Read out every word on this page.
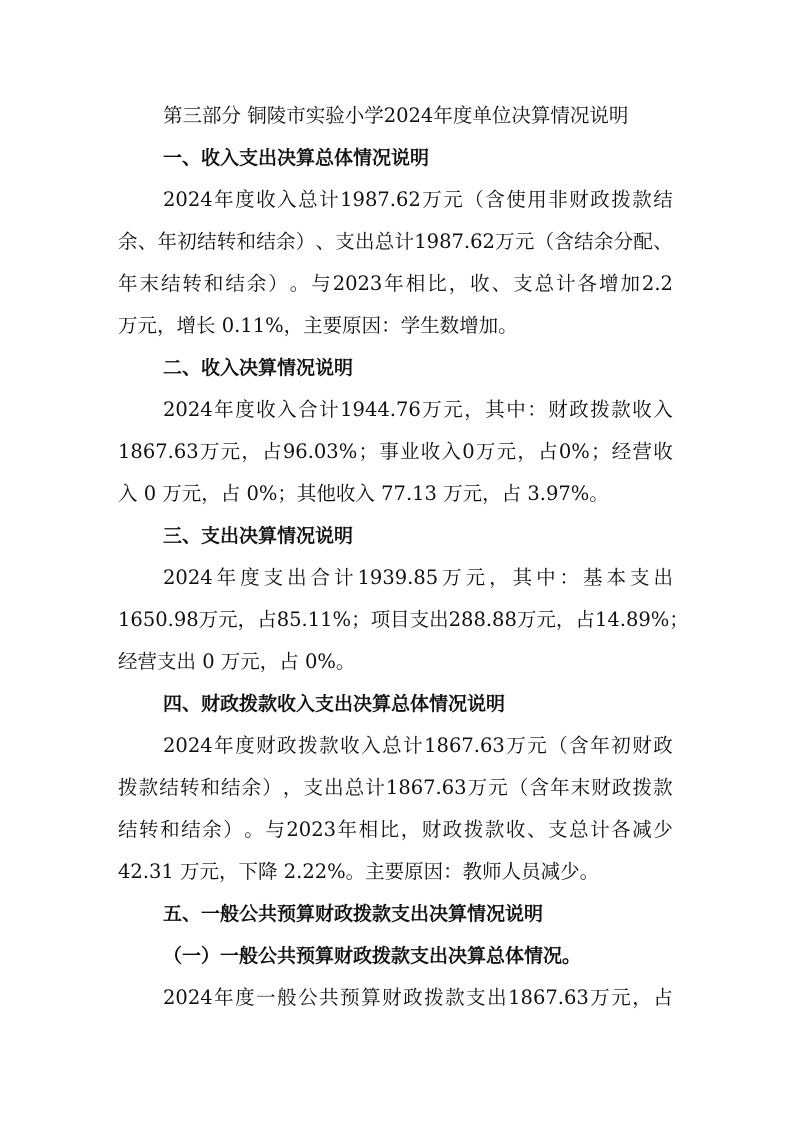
第三部分 铜陵市实验小学2024年度单位决算情况说明
一、收入支出决算总体情况说明
2024 年 度 收 入 总 计 1987.62 万 元 （ 含 使 用 非 财 政 拨 款 结
余 、 年 初 结 转 和 结 余 ） 、 支 出 总 计 1987.62 万 元 （ 含 结 余 分 配 、
年 末 结 转 和 结 余 ） 。 与 2023 年 相 比 ， 收 、 支 总 计 各 增 加 2.2
万元，增长 0.11%，主要原因：学生数增加。
二、收入决算情况说明
2024 年 度 收 入 合 计 1944.76 万 元 ， 其 中 ： 财 政 拨 款 收 入
1867.63 万 元 ， 占 96.03% ； 事 业 收 入 0 万 元 ， 占 0% ； 经 营 收
入 0 万元，占 0%；其他收入 77.13 万元，占 3.97%。
三、支出决算情况说明
2024 年 度 支 出 合 计 1939.85 万 元 ， 其 中 ： 基 本 支 出
1650.98 万 元 ， 占 85.11% ； 项 目 支 出 288.88 万 元 ， 占 14.89% ；
经营支出 0 万元，占 0%。
四、财政拨款收入支出决算总体情况说明
2024 年 度 财 政 拨 款 收 入 总 计 1867.63 万 元 （ 含 年 初 财 政
拨 款 结 转 和 结 余 ） ， 支 出 总 计 1867.63 万 元 （ 含 年 末 财 政 拨 款
结 转 和 结 余 ） 。 与 2023 年 相 比 ， 财 政 拨 款 收 、 支 总 计 各 减 少
42.31 万元，下降 2.22%。主要原因：教师人员减少。
五、一般公共预算财政拨款支出决算情况说明
（一）一般公共预算财政拨款支出决算总体情况。
2024 年 度 一 般 公 共 预 算 财 政 拨 款 支 出 1867.63 万 元 ， 占
